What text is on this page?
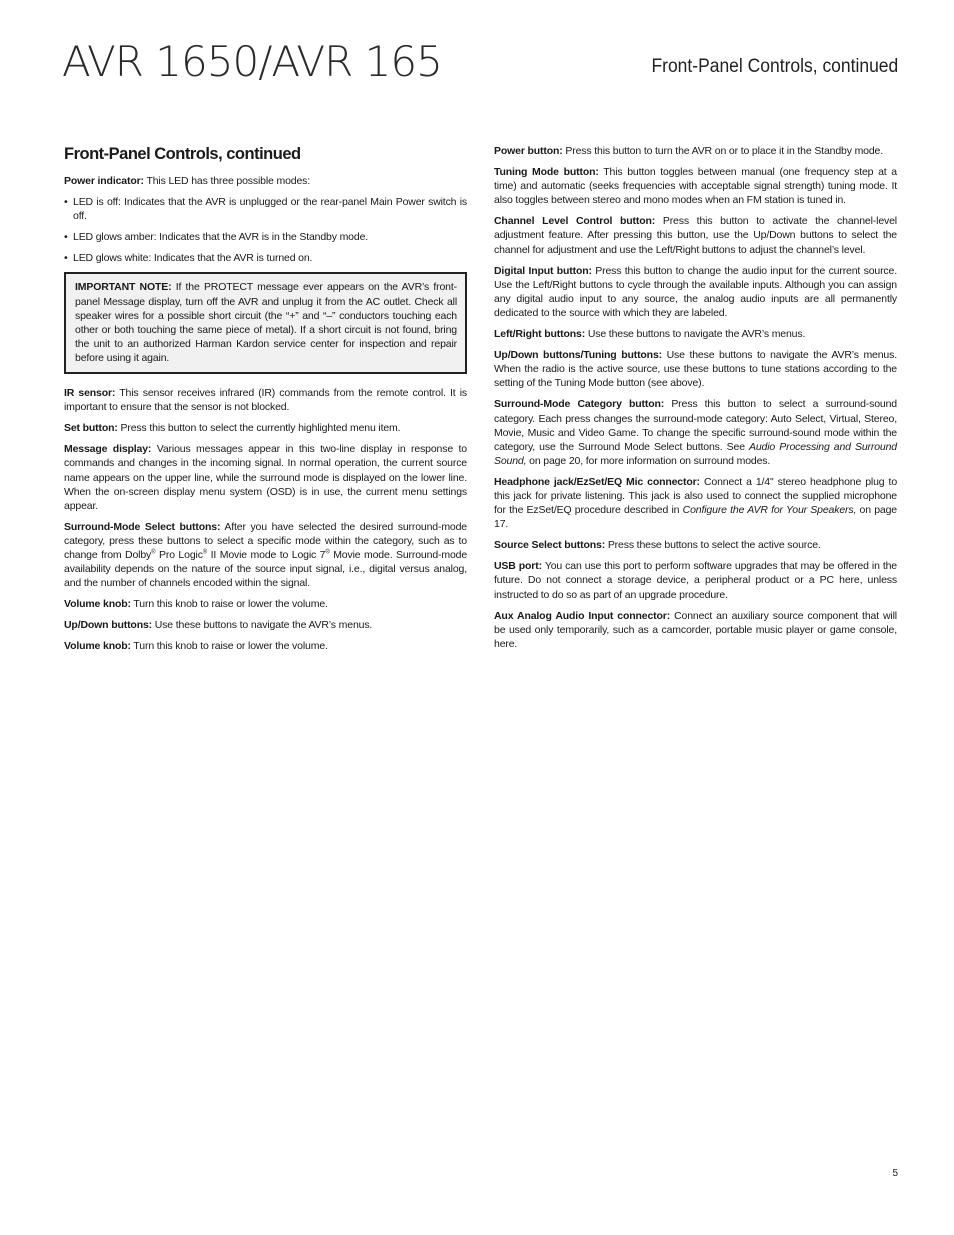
AVR 1650/AVR 165	Front-Panel Controls, continued
Front-Panel Controls, continued

Power indicator: This LED has three possible modes:

• LED is off: Indicates that the AVR is unplugged or the rear-panel Main Power switch is off.
• LED glows amber: Indicates that the AVR is in the Standby mode.
• LED glows white: Indicates that the AVR is turned on.

IMPORTANT NOTE: If the PROTECT message ever appears on the AVR’s front-panel Message display, turn off the AVR and unplug it from the AC outlet. Check all speaker wires for a possible short circuit (the “+” and “–” conductors touching each other or both touching the same piece of metal). If a short circuit is not found, bring the unit to an authorized Harman Kardon service center for inspection and repair before using it again.

IR sensor: This sensor receives infrared (IR) commands from the remote control. It is important to ensure that the sensor is not blocked.

Set button: Press this button to select the currently highlighted menu item.

Message display: Various messages appear in this two-line display in response to commands and changes in the incoming signal. In normal operation, the current source name appears on the upper line, while the surround mode is displayed on the lower line. When the on-screen display menu system (OSD) is in use, the current menu settings appear.

Surround-Mode Select buttons: After you have selected the desired surround-mode category, press these buttons to select a specific mode within the category, such as to change from Dolby® Pro Logic® II Movie mode to Logic 7® Movie mode. Surround-mode availability depends on the nature of the source input signal, i.e., digital versus analog, and the number of channels encoded within the signal.

Volume knob: Turn this knob to raise or lower the volume.

Up/Down buttons: Use these buttons to navigate the AVR’s menus.

Volume knob: Turn this knob to raise or lower the volume.

Power button: Press this button to turn the AVR on or to place it in the Standby mode.

Tuning Mode button: This button toggles between manual (one frequency step at a time) and automatic (seeks frequencies with acceptable signal strength) tuning mode. It also toggles between stereo and mono modes when an FM station is tuned in.

Channel Level Control button: Press this button to activate the channel-level adjustment feature. After pressing this button, use the Up/Down buttons to select the channel for adjustment and use the Left/Right buttons to adjust the channel’s level.

Digital Input button: Press this button to change the audio input for the current source. Use the Left/Right buttons to cycle through the available inputs. Although you can assign any digital audio input to any source, the analog audio inputs are all permanently dedicated to the source with which they are labeled.

Left/Right buttons: Use these buttons to navigate the AVR’s menus.

Up/Down buttons/Tuning buttons: Use these buttons to navigate the AVR’s menus. When the radio is the active source, use these buttons to tune stations according to the setting of the Tuning Mode button (see above).

Surround-Mode Category button: Press this button to select a surround-sound category. Each press changes the surround-mode category: Auto Select, Virtual, Stereo, Movie, Music and Video Game. To change the specific surround-sound mode within the category, use the Surround Mode Select buttons. See Audio Processing and Surround Sound, on page 20, for more information on surround modes.

Headphone jack/EzSet/EQ Mic connector: Connect a 1/4" stereo headphone plug to this jack for private listening. This jack is also used to connect the supplied microphone for the EzSet/EQ procedure described in Configure the AVR for Your Speakers, on page 17.

Source Select buttons: Press these buttons to select the active source.

USB port: You can use this port to perform software upgrades that may be offered in the future. Do not connect a storage device, a peripheral product or a PC here, unless instructed to do so as part of an upgrade procedure.

Aux Analog Audio Input connector: Connect an auxiliary source component that will be used only temporarily, such as a camcorder, portable music player or game console, here.

5
